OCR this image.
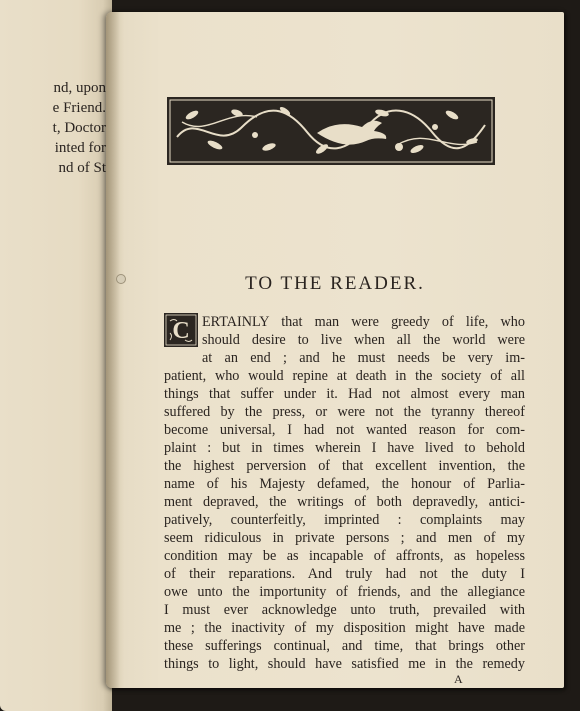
nd, upon
e Friend.
t, Doctor
inted for
nd of St
TO THE READER.
C ERTAINLY that man were greedy of life, who
should desire to live when all the world were
at an end ; and he must needs be very im-
patient, who would repine at death in the society of all
things that suffer under it. Had not almost every man
suffered by the press, or were not the tyranny thereof
become universal, I had not wanted reason for com-
plaint : but in times wherein I have lived to behold
the highest perversion of that excellent invention, the
name of his Majesty defamed, the honour of Parlia-
ment depraved, the writings of both depravedly, antici-
patively, counterfeitly, imprinted : complaints may
seem ridiculous in private persons ; and men of my
condition may be as incapable of affronts, as hopeless
of their reparations. And truly had not the duty I
owe unto the importunity of friends, and the allegiance
I must ever acknowledge unto truth, prevailed with
me ; the inactivity of my disposition might have made
these sufferings continual, and time, that brings other
things to light, should have satisfied me in the remedy
A
